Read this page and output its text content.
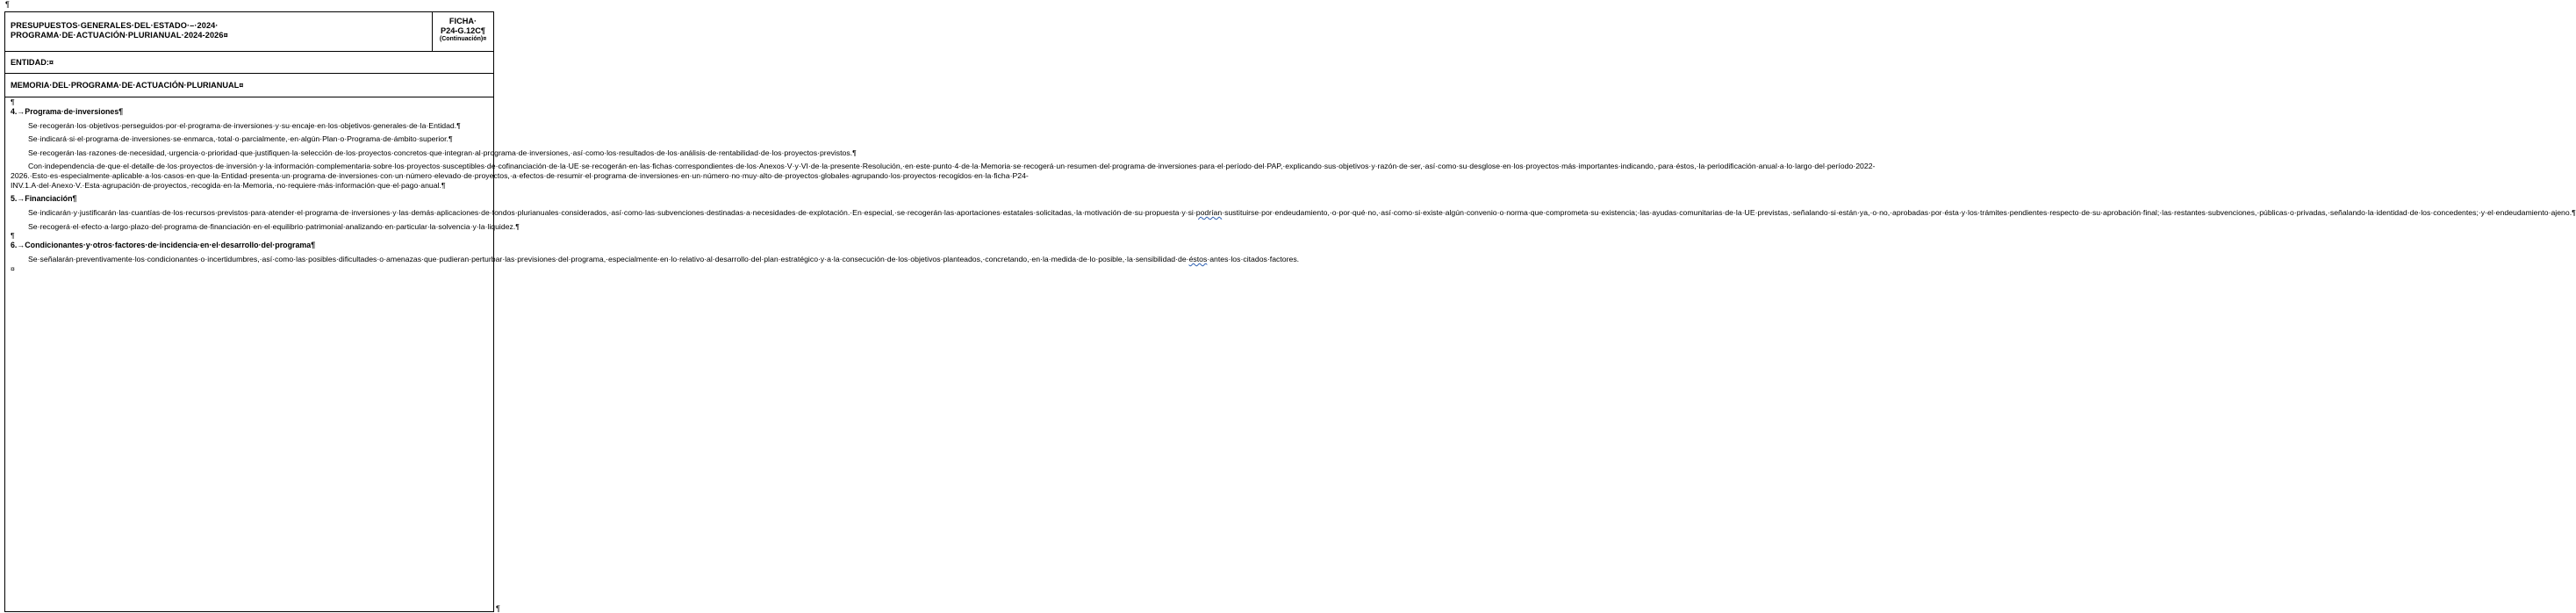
¶
PRESUPUESTOS·GENERALES·DEL·ESTADO·–·2024·
PROGRAMA·DE·ACTUACIÓN·PLURIANUAL·2024-2026¤
FICHA·
P24-G.12C¶
(Continuación)¤
ENTIDAD:¤
MEMORIA·DEL·PROGRAMA·DE·ACTUACIÓN·PLURIANUAL¤

¶

4.→Programa·de·inversiones¶

Se·recogerán·los·objetivos·perseguidos·por·el·programa·de·inversiones·y·su·encaje·en·los·objetivos·generales·de·la·Entidad.¶

Se·indicará·si·el·programa·de·inversiones·se·enmarca,·total·o·parcialmente,·en·algún·Plan·o·Programa·de·ámbito·superior.¶

Se·recogerán·las·razones·de·necesidad,·urgencia·o·prioridad·que·justifiquen·la·selección·de·los·proyectos·concretos·que·integran·al·programa·de·inversiones,·así·como·los·resultados·de·los·análisis·de·rentabilidad·de·los·proyectos·previstos.¶

Con·independencia·de·que·el·detalle·de·los·proyectos·de·inversión·y·la·información·complementaria·sobre·los·proyectos·susceptibles·de·cofinanciación·de·la·UE·se·recogerán·en·las·fichas·correspondientes·de·los·Anexos·V·y·VI·de·la·presente·Resolución,·en·este·punto·4·de·la·Memoria·se·recogerá·un·resumen·del·programa·de·inversiones·para·el·período·del·PAP,·explicando·sus·objetivos·y·razón·de·ser,·así·como·su·desglose·en·los·proyectos·más·importantes·indicando,·para·éstos,·la·periodificación·anual·a·lo·largo·del·período·2022-2026.·Esto·es·especialmente·aplicable·a·los·casos·en·que·la·Entidad·presenta·un·programa·de·inversiones·con·un·número·elevado·de·proyectos,·a·efectos·de·resumir·el·programa·de·inversiones·en·un·número·no·muy·alto·de·proyectos·globales·agrupando·los·proyectos·recogidos·en·la·ficha·P24-INV.1.A·del·Anexo·V.·Esta·agrupación·de·proyectos,·recogida·en·la·Memoria,·no·requiere·más·información·que·el·pago·anual.¶

5.→Financiación¶

Se·indicarán·y·justificarán·las·cuantías·de·los·recursos·previstos·para·atender·el·programa·de·inversiones·y·las·demás·aplicaciones·de·fondos·plurianuales·considerados,·así·como·las·subvenciones·destinadas·a·necesidades·de·explotación.·En·especial,·se·recogerán·las·aportaciones·estatales·solicitadas,·la·motivación·de·su·propuesta·y·si·podrían·sustituirse·por·endeudamiento,·o·por·qué·no,·así·como·si·existe·algún·convenio·o·norma·que·comprometa·su·existencia;·las·ayudas·comunitarias·de·la·UE·previstas,·señalando·si·están·ya,·o·no,·aprobadas·por·ésta·y·los·trámites·pendientes·respecto·de·su·aprobación·final;·las·restantes·subvenciones,·públicas·o·privadas,·señalando·la·identidad·de·los·concedentes;·y·el·endeudamiento·ajeno.¶

Se·recogerá·el·efecto·a·largo·plazo·del·programa·de·financiación·en·el·equilibrio·patrimonial·analizando·en·particular·la·solvencia·y·la·liquidez.¶

¶

6.→Condicionantes·y·otros·factores·de·incidencia·en·el·desarrollo·del·programa¶

Se·señalarán·preventivamente·los·condicionantes·o·incertidumbres,·así·como·las·posibles·dificultades·o·amenazas·que·pudieran·perturbar·las·previsiones·del·programa,·especialmente·en·lo·relativo·al·desarrollo·del·plan·estratégico·y·a·la·consecución·de·los·objetivos·planteados,·concretando,·en·la·medida·de·lo·posible,·la·sensibilidad·de·éstos·antes·los·citados·factores.¤

¶
